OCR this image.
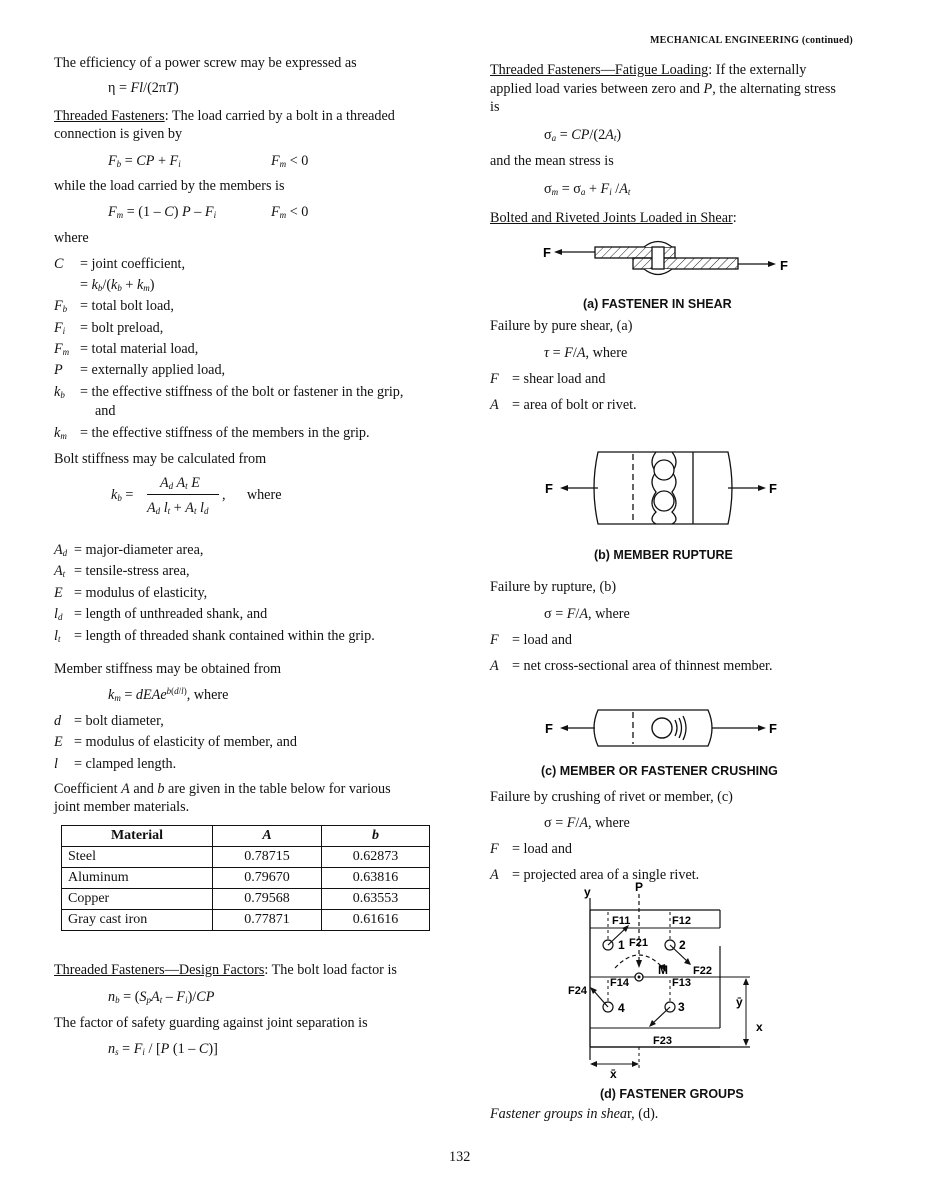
MECHANICAL ENGINEERING (continued)
The efficiency of a power screw may be expressed as
η = Fl/(2πT)
Threaded Fasteners: The load carried by a bolt in a threaded
connection is given by
$F_b$ = CP + $F_i$	$F_m < 0$
while the load carried by the members is
$F_m = (1 - C)$ P – $F_i$	$F_m < 0$
where
C = joint coefficient,
= $k_b/(k_b + k_m)$
$F_b$ = total bolt load,
$F_i$ = bolt preload,
$F_m$ = total material load,
P = externally applied load,
$k_b$ = the effective stiffness of the bolt or fastener in the grip,
and
$k_m$ = the effective stiffness of the members in the grip.
Bolt stiffness may be calculated from
$k_b$ =
$A_d$ $A_t$ E
$A_d$ $l_t + A_t$ $l_d$
,      where
$A_d$ = major-diameter area,
$A_t$ = tensile-stress area,
E = modulus of elasticity,
$l_d$ = length of unthreaded shank, and
$l_t$ = length of threaded shank contained within the grip.
Member stiffness may be obtained from
$k_m$ = dEAe$^{b(d/l)}$, where
d = bolt diameter,
E = modulus of elasticity of member, and
l = clamped length.
Coefficient A and b are given in the table below for various
joint member materials.
Material	A	b
Steel	0.78715	0.62873
Aluminum	0.79670	0.63816
Copper	0.79568	0.63553
Gray cast iron	0.77871	0.61616
Threaded Fasteners—Design Factors: The bolt load factor is
$n_b = (S_pA_t - F_i)/CP$
The factor of safety guarding against joint separation is
$n_s = F_i / [P$ (1 – C)]
Threaded Fasteners—Fatigue Loading: If the externally
applied load varies between zero and P, the alternating stress
is
$\sigma_a = CP/(2A_t)$
and the mean stress is
$\sigma_m = \sigma_a + F_i$ $/A_t$
Bolted and Riveted Joints Loaded in Shear:
F
F
(a) FASTENER IN SHEAR
Failure by pure shear, (a)
τ = F/A, where
F = shear load and
A = area of bolt or rivet.
F	F
(b) MEMBER RUPTURE
Failure by rupture, (b)
σ = F/A, where
F = load and
A = net cross-sectional area of thinnest member.
F	F
(c) MEMBER OR FASTENER CRUSHING
Failure by crushing of rivet or member, (c)
σ = F/A, where
F = load and
A = projected area of a single rivet.
y
x
P
M
1	2
3
4
F11	F12
F21
F22
F14	F13
F23
F24
ȳ
x̄
(d) FASTENER GROUPS
Fastener groups in shear, (d).
132
